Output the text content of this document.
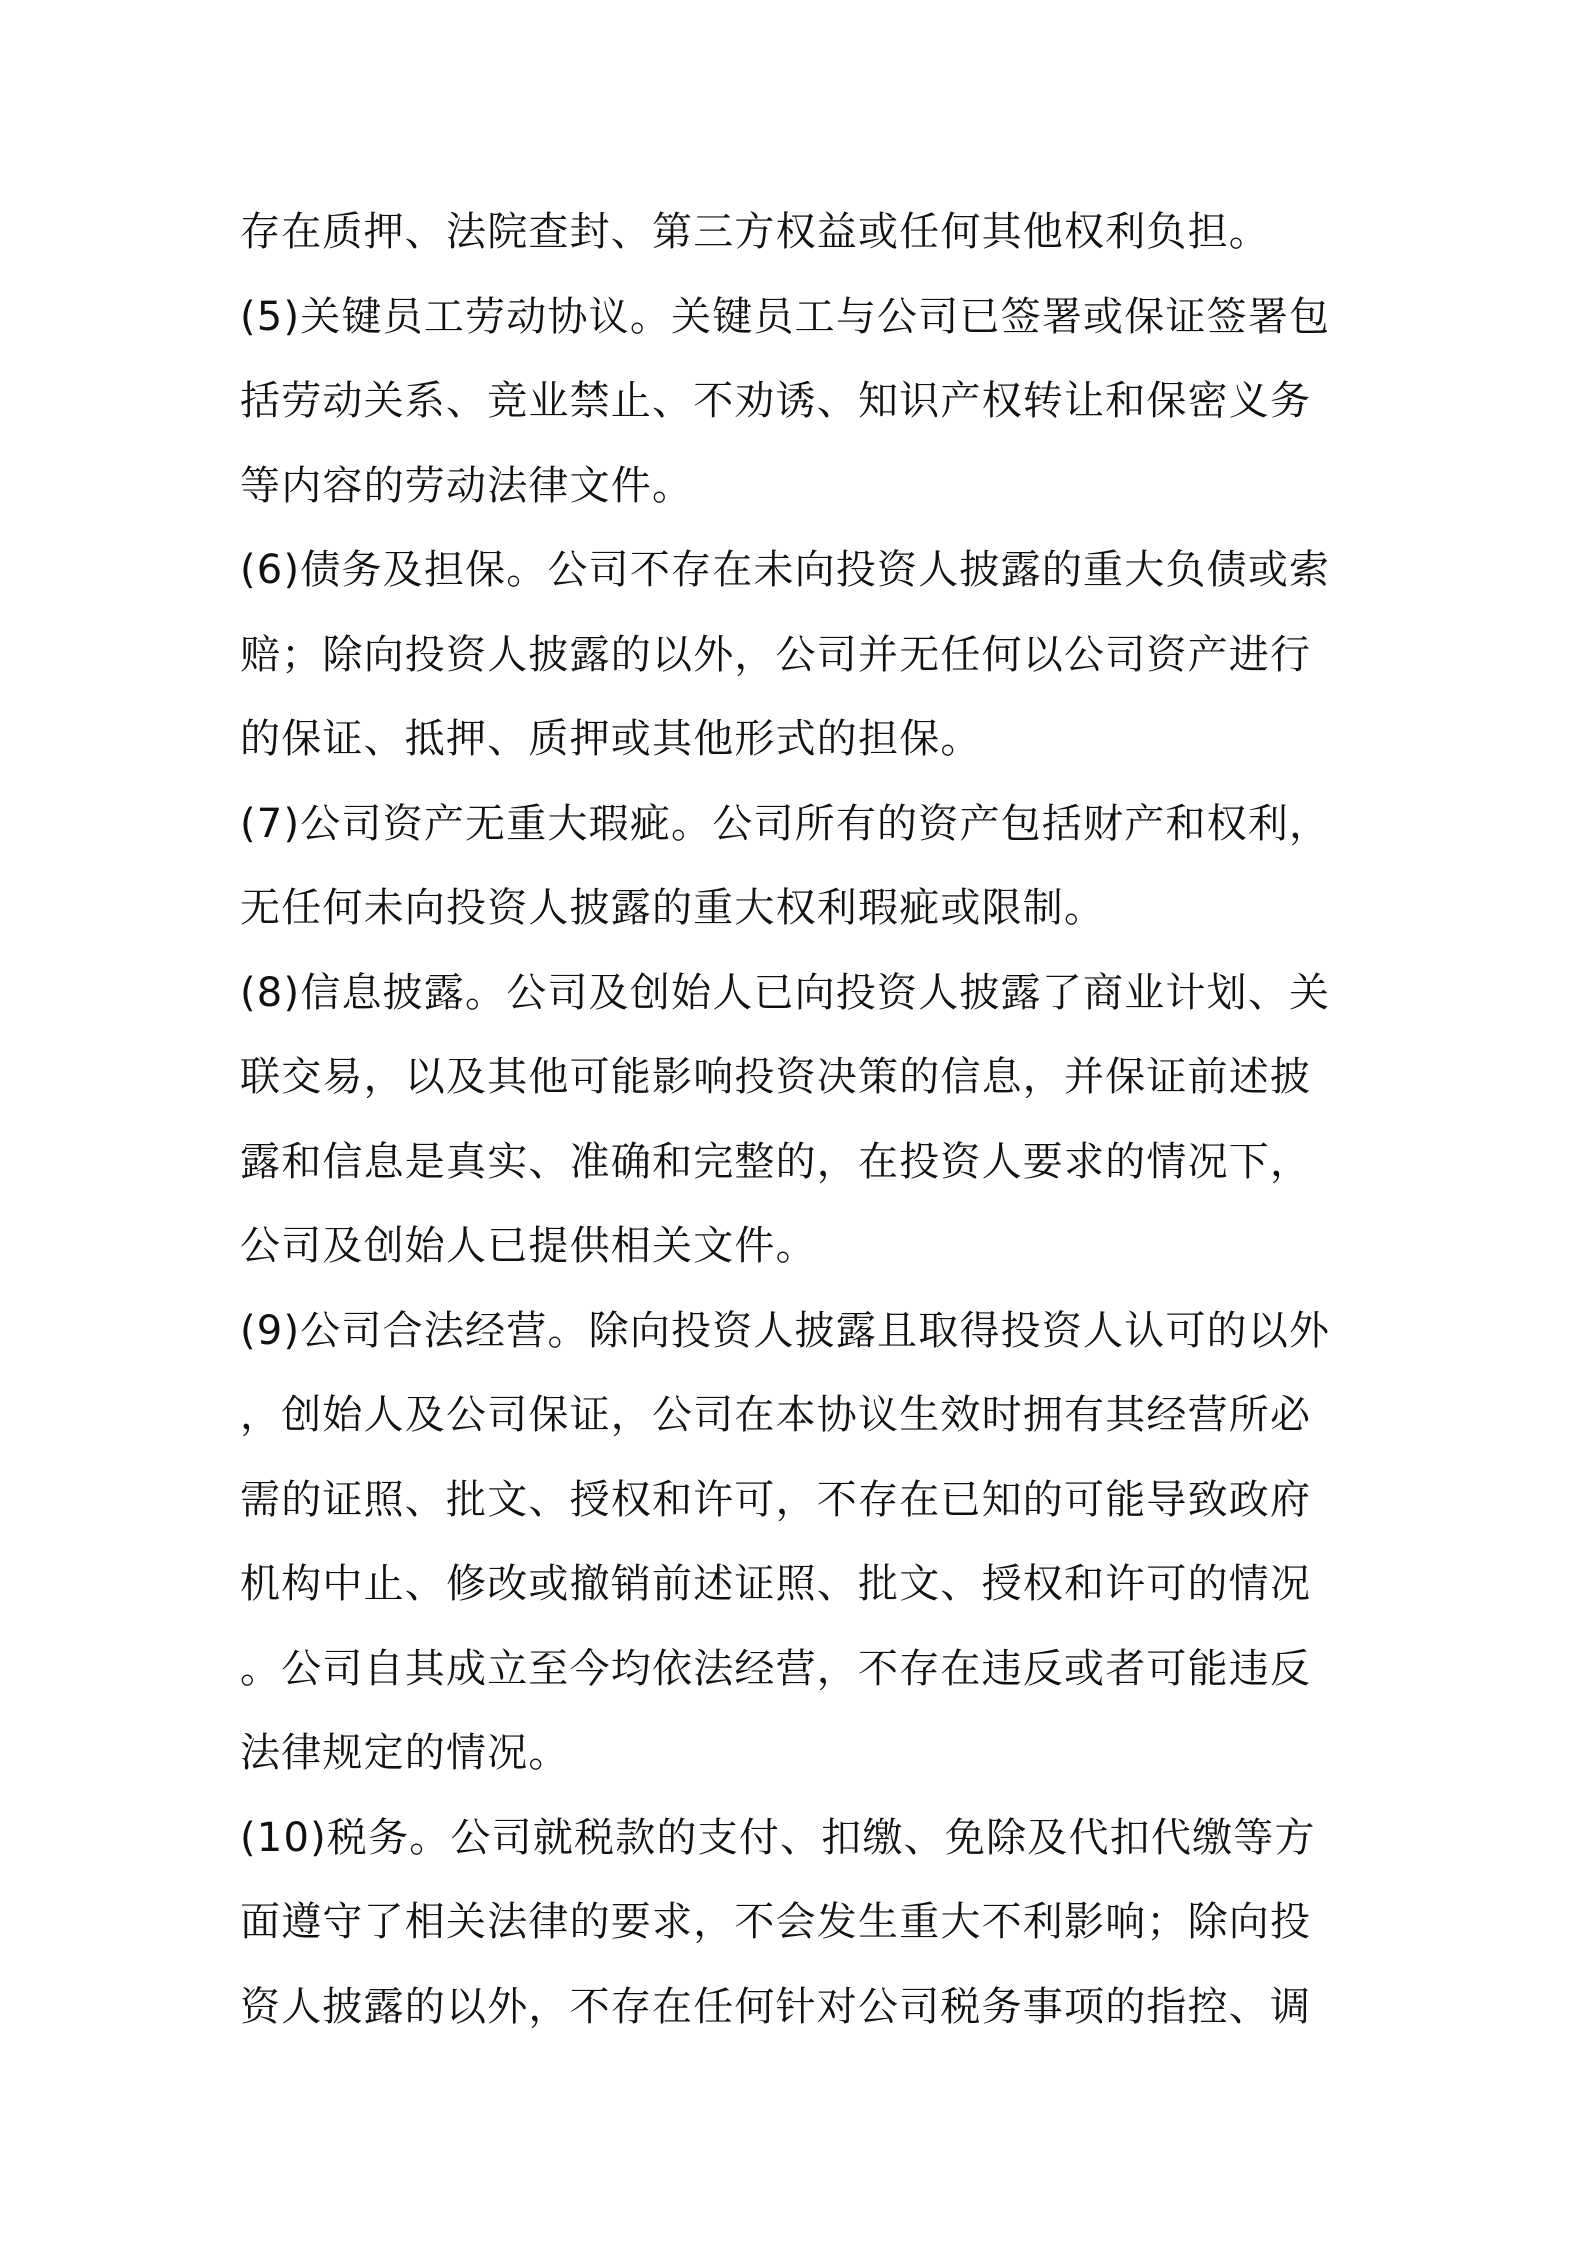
存在质押、法院查封、第三方权益或任何其他权利负担。
(5)关键员工劳动协议。关键员工与公司已签署或保证签署包
括劳动关系、竞业禁止、不劝诱、知识产权转让和保密义务
等内容的劳动法律文件。
(6)债务及担保。公司不存在未向投资人披露的重大负债或索
赔；除向投资人披露的以外，公司并无任何以公司资产进行
的保证、抵押、质押或其他形式的担保。
(7)公司资产无重大瑕疵。公司所有的资产包括财产和权利，
无任何未向投资人披露的重大权利瑕疵或限制。
(8)信息披露。公司及创始人已向投资人披露了商业计划、关
联交易，以及其他可能影响投资决策的信息，并保证前述披
露和信息是真实、准确和完整的，在投资人要求的情况下，
公司及创始人已提供相关文件。
(9)公司合法经营。除向投资人披露且取得投资人认可的以外
，创始人及公司保证，公司在本协议生效时拥有其经营所必
需的证照、批文、授权和许可，不存在已知的可能导致政府
机构中止、修改或撤销前述证照、批文、授权和许可的情况
。公司自其成立至今均依法经营，不存在违反或者可能违反
法律规定的情况。
(10)税务。公司就税款的支付、扣缴、免除及代扣代缴等方
面遵守了相关法律的要求，不会发生重大不利影响；除向投
资人披露的以外，不存在任何针对公司税务事项的指控、调
